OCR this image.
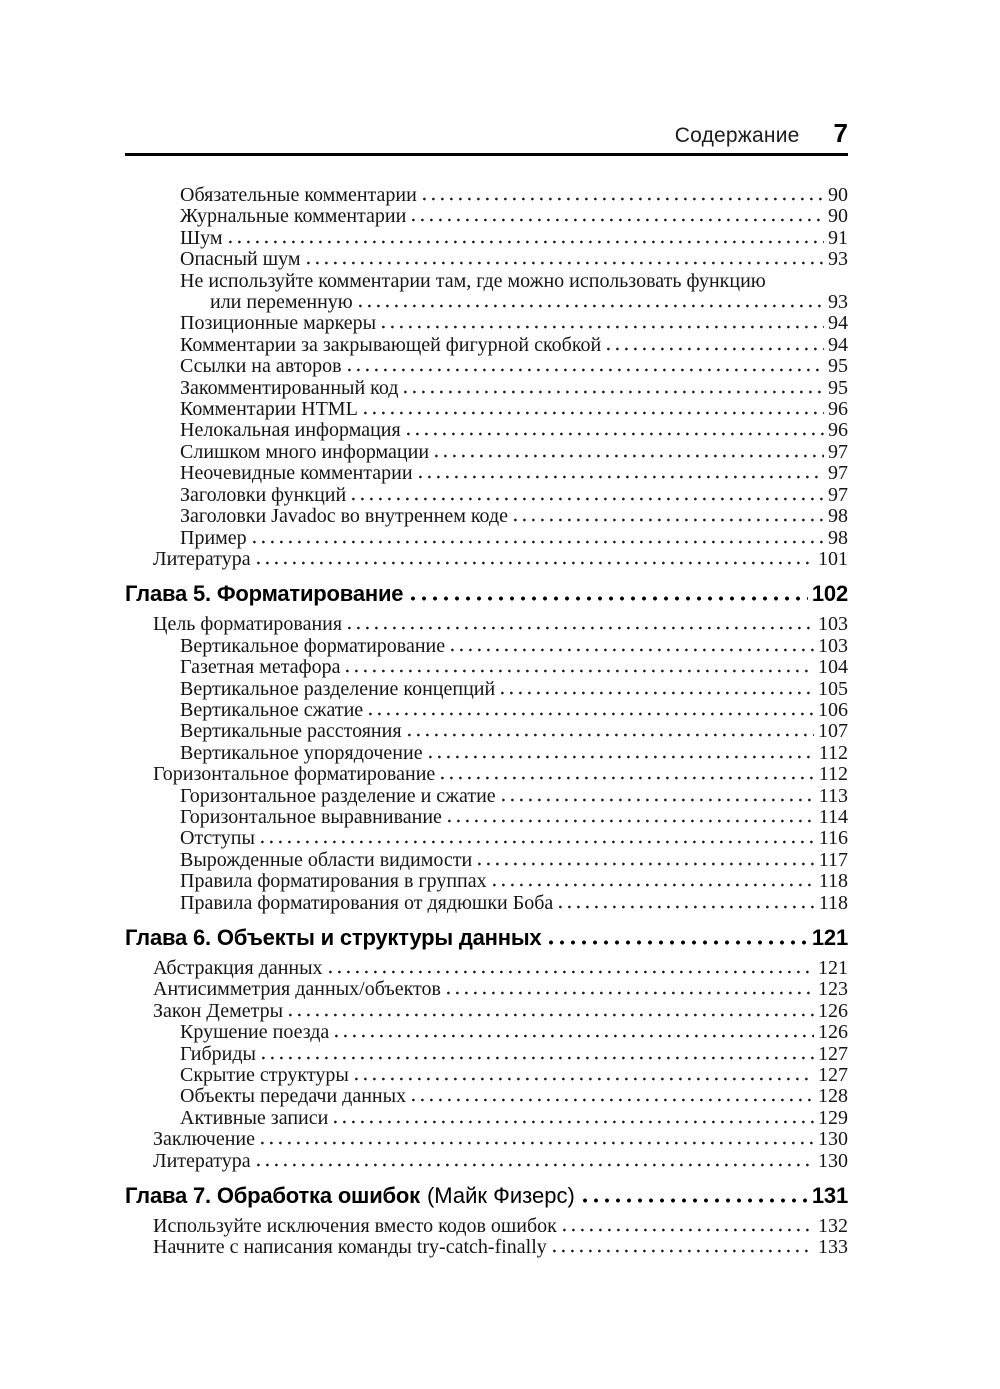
Содержание 7
Обязательные комментарии	90
Журнальные комментарии	90
Шум	91
Опасный шум	93
Не используйте комментарии там, где можно использовать функцию
или переменную	93
Позиционные маркеры	94
Комментарии за закрывающей фигурной скобкой	94
Ссылки на авторов	95
Закомментированный код	95
Комментарии HTML	96
Нелокальная информация	96
Слишком много информации	97
Неочевидные комментарии	97
Заголовки функций	97
Заголовки Javadoc во внутреннем коде	98
Пример	98
Литература	101
Глава 5. Форматирование	102
Цель форматирования	103
Вертикальное форматирование	103
Газетная метафора	104
Вертикальное разделение концепций	105
Вертикальное сжатие	106
Вертикальные расстояния	107
Вертикальное упорядочение	112
Горизонтальное форматирование	112
Горизонтальное разделение и сжатие	113
Горизонтальное выравнивание	114
Отступы	116
Вырожденные области видимости	117
Правила форматирования в группах	118
Правила форматирования от дядюшки Боба	118
Глава 6. Объекты и структуры данных	121
Абстракция данных	121
Антисимметрия данных/объектов	123
Закон Деметры	126
Крушение поезда	126
Гибриды	127
Скрытие структуры	127
Объекты передачи данных	128
Активные записи	129
Заключение	130
Литература	130
Глава 7. Обработка ошибок (Майк Физерс)	131
Используйте исключения вместо кодов ошибок	132
Начните с написания команды try-catch-finally	133
